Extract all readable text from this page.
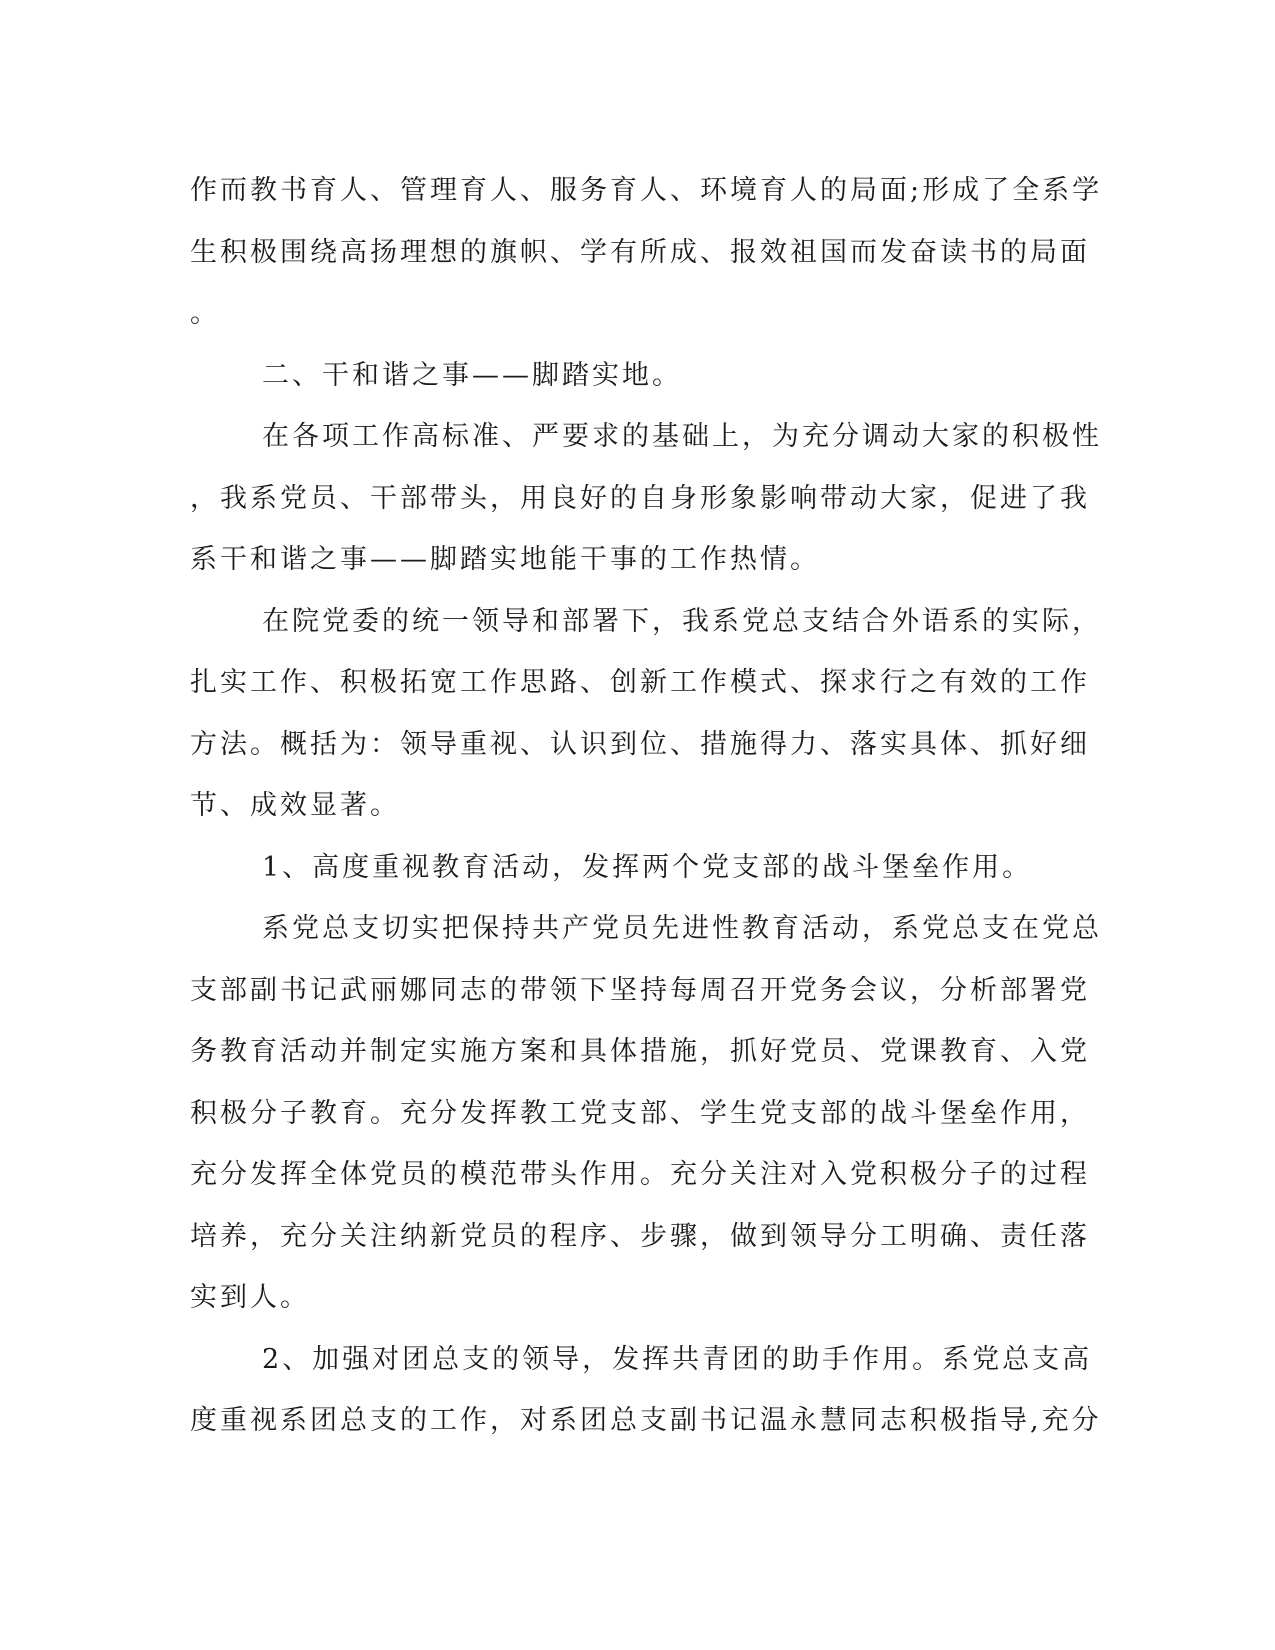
作而教书育人、管理育人、服务育人、环境育人的局面;形成了全系学
生积极围绕高扬理想的旗帜、学有所成、报效祖国而发奋读书的局面
。
二、干和谐之事——脚踏实地。
在各项工作高标准、严要求的基础上，为充分调动大家的积极性
，我系党员、干部带头，用良好的自身形象影响带动大家，促进了我
系干和谐之事——脚踏实地能干事的工作热情。
在院党委的统一领导和部署下，我系党总支结合外语系的实际，
扎实工作、积极拓宽工作思路、创新工作模式、探求行之有效的工作
方法。概括为：领导重视、认识到位、措施得力、落实具体、抓好细
节、成效显著。
1、高度重视教育活动，发挥两个党支部的战斗堡垒作用。
系党总支切实把保持共产党员先进性教育活动，系党总支在党总
支部副书记武丽娜同志的带领下坚持每周召开党务会议，分析部署党
务教育活动并制定实施方案和具体措施，抓好党员、党课教育、入党
积极分子教育。充分发挥教工党支部、学生党支部的战斗堡垒作用，
充分发挥全体党员的模范带头作用。充分关注对入党积极分子的过程
培养，充分关注纳新党员的程序、步骤，做到领导分工明确、责任落
实到人。
2、加强对团总支的领导，发挥共青团的助手作用。系党总支高
度重视系团总支的工作，对系团总支副书记温永慧同志积极指导,充分
